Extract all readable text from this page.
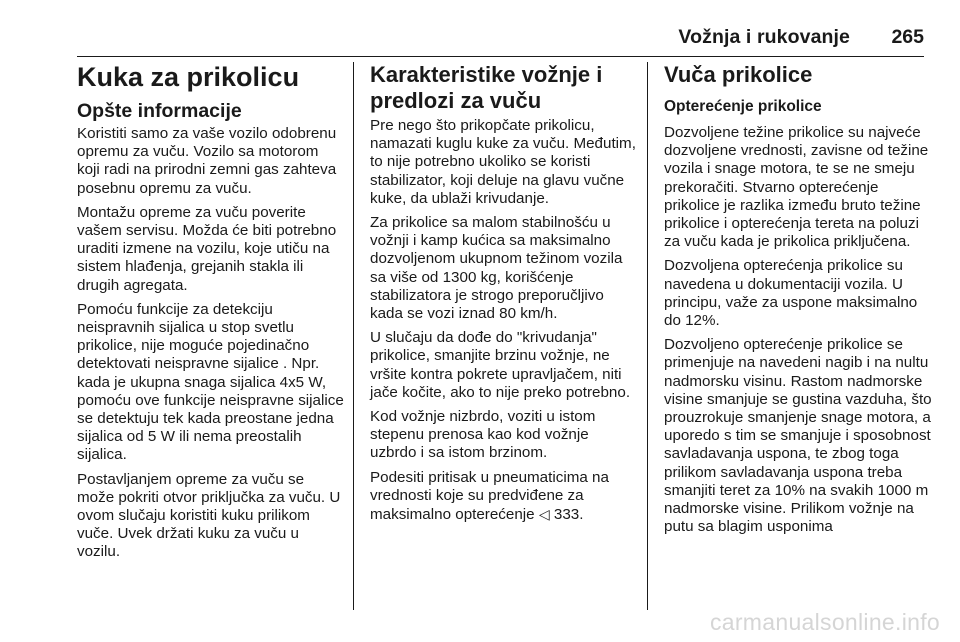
Vožnja i rukovanje 265
Kuka za prikolicu
Opšte informacije

Koristiti samo za vaše vozilo odobrenu opremu za vuču. Vozilo sa motorom koji radi na prirodni zemni gas zahteva posebnu opremu za vuču.

Montažu opreme za vuču poverite vašem servisu. Možda će biti potrebno uraditi izmene na vozilu, koje utiču na sistem hlađenja, grejanih stakla ili drugih agregata.

Pomoću funkcije za detekciju neispravnih sijalica u stop svetlu prikolice, nije moguće pojedinačno detektovati neispravne sijalice . Npr. kada je ukupna snaga sijalica 4x5 W, pomoću ove funkcije neispravne sijalice se detektuju tek kada preostane jedna sijalica od 5 W ili nema preostalih sijalica.

Postavljanjem opreme za vuču se može pokriti otvor priključka za vuču. U ovom slučaju koristiti kuku prilikom vuče. Uvek držati kuku za vuču u vozilu.

Karakteristike vožnje i predlozi za vuču

Pre nego što prikopčate prikolicu, namazati kuglu kuke za vuču. Međutim, to nije potrebno ukoliko se koristi stabilizator, koji deluje na glavu vučne kuke, da ublaži krivudanje.

Za prikolice sa malom stabilnošću u vožnji i kamp kućica sa maksimalno dozvoljenom ukupnom težinom vozila sa više od 1300 kg, korišćenje stabilizatora je strogo preporučljivo kada se vozi iznad 80 km/h.

U slučaju da dođe do "krivudanja" prikolice, smanjite brzinu vožnje, ne vršite kontra pokrete upravljačem, niti jače kočite, ako to nije preko potrebno.

Kod vožnje nizbrdo, voziti u istom stepenu prenosa kao kod vožnje uzbrdo i sa istom brzinom.

Podesiti pritisak u pneumaticima na vrednosti koje su predviđene za maksimalno opterećenje ◁ 333.

Vuča prikolice
Opterećenje prikolice

Dozvoljene težine prikolice su najveće dozvoljene vrednosti, zavisne od težine vozila i snage motora, te se ne smeju prekoračiti. Stvarno opterećenje prikolice je razlika između bruto težine prikolice i opterećenja tereta na poluzi za vuču kada je prikolica priključena.

Dozvoljena opterećenja prikolice su navedena u dokumentaciji vozila. U principu, važe za uspone maksimalno do 12%.

Dozvoljeno opterećenje prikolice se primenjuje na navedeni nagib i na nultu nadmorsku visinu. Rastom nadmorske visine smanjuje se gustina vazduha, što prouzrokuje smanjenje snage motora, a uporedo s tim se smanjuje i sposobnost savladavanja uspona, te zbog toga prilikom savladavanja uspona treba smanjiti teret za 10% na svakih 1000 m nadmorske visine. Prilikom vožnje na putu sa blagim usponima

carmanualsonline.info
